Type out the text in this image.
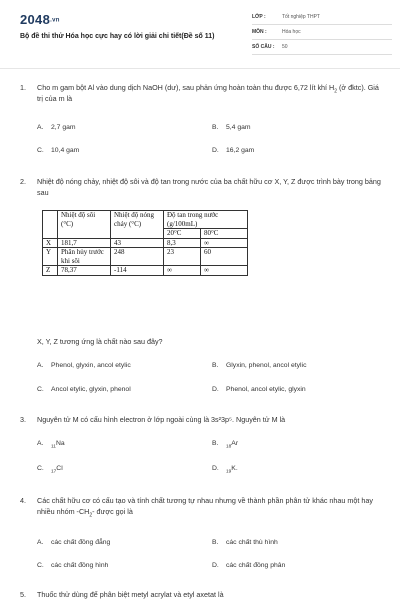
2048.vn
Bộ đề thi thử Hóa học cực hay có lời giải chi tiết(Đề số 11)
LỚP :	Tốt nghiệp THPT
MÔN :	Hóa học
SỐ CÂU : 50
1. Cho m gam bột Al vào dung dịch NaOH (dư), sau phản ứng hoàn toàn thu được 6,72 lít khí $H_2$ (ở đktc). Giá trị của m là
A. 2,7 gam	B. 5,4 gam
C. 10,4 gam	D. 16,2 gam
2. Nhiệt độ nóng chảy, nhiệt độ sôi và độ tan trong nước của ba chất hữu cơ X, Y, Z được trình bày trong bảng sau
	Nhiệt độ sôi (°C)	Nhiệt độ nóng chảy (°C)	Độ tan trong nước (g/100mL)	
			20°C	80°C
X	181,7	43	8,3	∞
Y	Phân hủy trước khi sôi	248	23	60
Z	78,37	-114	∞	∞
X, Y, Z tương ứng là chất nào sau đây?
A. Phenol, glyxin, ancol etylic	B. Glyxin, phenol, ancol etylic
C. Ancol etylic, glyxin, phenol	D. Phenol, ancol etylic, glyxin
3. Nguyên tử M có cấu hình electron ở lớp ngoài cùng là 3s²3p⁵. Nguyên tử M là
A. $_{11}$Na	B. $_{18}$Ar
C. $_{17}$Cl	D. $_{19}$K.
4. Các chất hữu cơ có cấu tạo và tính chất tương tự nhau nhưng về thành phần phân tử khác nhau một hay nhiều nhóm $-CH_2-$ được gọi là
A. các chất đồng đẳng	B. các chất thù hình
C. các chất đồng hình	D. các chất đồng phân
5. Thuốc thử dùng để phân biệt metyl acrylat và etyl axetat là
